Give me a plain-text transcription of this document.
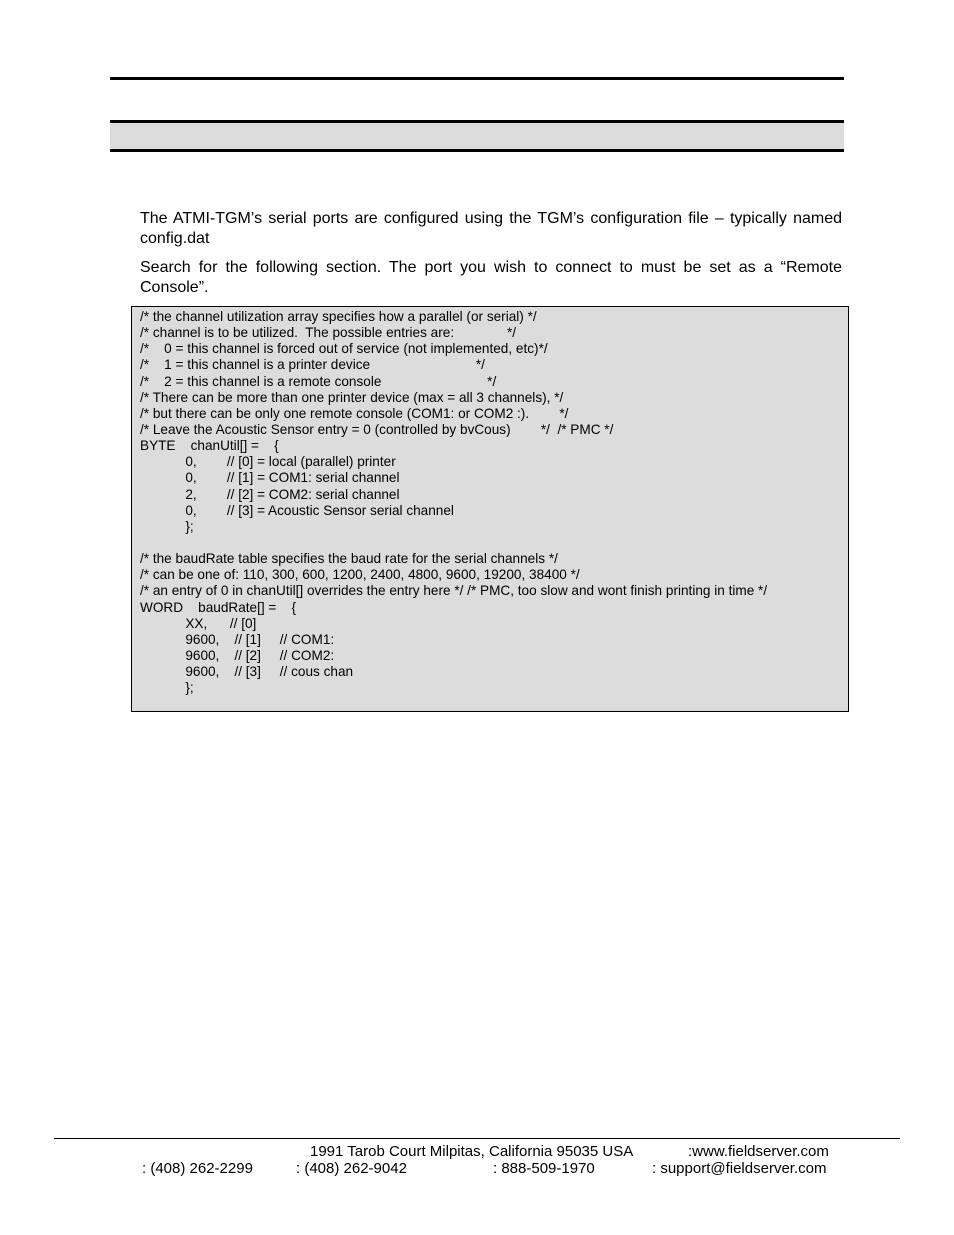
The ATMI-TGM’s serial ports are configured using the TGM’s configuration file – typically named config.dat

Search for the following section. The port you wish to connect to must be set as a “Remote Console”.

/* the channel utilization array specifies how a parallel (or serial) */
/* channel is to be utilized.  The possible entries are:              */
/*    0 = this channel is forced out of service (not implemented, etc)*/
/*    1 = this channel is a printer device                            */
/*    2 = this channel is a remote console                            */
/* There can be more than one printer device (max = all 3 channels), */
/* but there can be only one remote console (COM1: or COM2 :).        */
/* Leave the Acoustic Sensor entry = 0 (controlled by bvCous)        */  /* PMC */
BYTE    chanUtil[] =    {
0,        // [0] = local (parallel) printer
0,        // [1] = COM1: serial channel
2,        // [2] = COM2: serial channel
0,        // [3] = Acoustic Sensor serial channel
};
/* the baudRate table specifies the baud rate for the serial channels */
/* can be one of: 110, 300, 600, 1200, 2400, 4800, 9600, 19200, 38400 */
/* an entry of 0 in chanUtil[] overrides the entry here */ /* PMC, too slow and wont finish printing in time */
WORD    baudRate[] =    {
XX,      // [0]
9600,    // [1]     // COM1:
9600,    // [2]     // COM2:
9600,    // [3]     // cous chan
};
1991 Tarob Court Milpitas, California 95035 USA	:www.fieldserver.com
: (408) 262-2299	: (408) 262-9042	: 888-509-1970	: support@fieldserver.com
